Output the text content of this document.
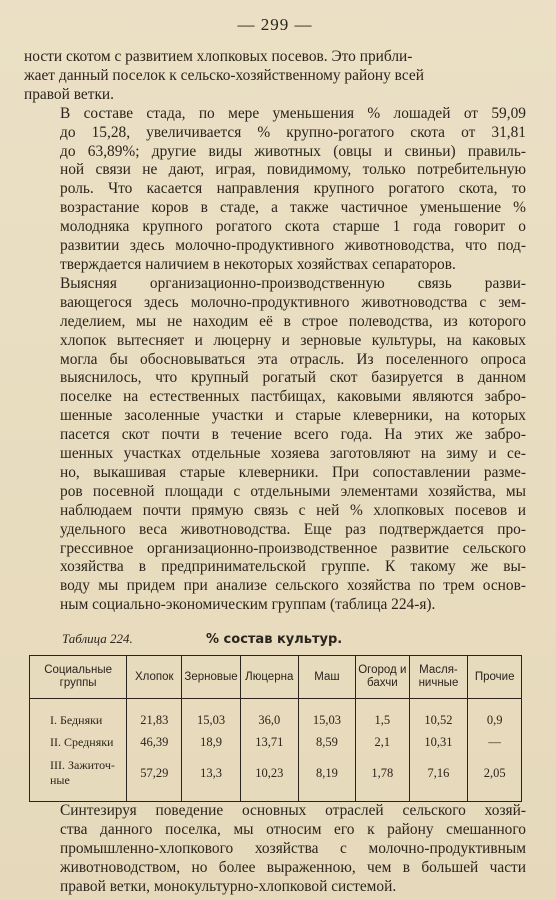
— 299 —

ности скотом с развитием хлопковых посевов. Это прибли-
жает данный поселок к сельско-хозяйственному району всей
правой ветки.

В составе стада, по мере уменьшения % лошадей от 59,09
до 15,28, увеличивается % крупно-рогатого скота от 31,81
до 63,89%; другие виды животных (овцы и свиньи) правиль-
ной связи не дают, играя, повидимому, только потребительную
роль. Что касается направления крупного рогатого скота, то
возрастание коров в стаде, а также частичное уменьшение %
молодняка крупного рогатого скота старше 1 года говорит о
развитии здесь молочно-продуктивного животноводства, что под-
тверждается наличием в некоторых хозяйствах сепараторов.

Выясняя организационно-производственную связь разви-
вающегося здесь молочно-продуктивного животноводства с зем-
леделием, мы не находим её в строе полеводства, из которого
хлопок вытесняет и люцерну и зерновые культуры, на каковых
могла бы обосновываться эта отрасль. Из поселенного опроса
выяснилось, что крупный рогатый скот базируется в данном
поселке на естественных пастбищах, каковыми являются забро-
шенные засоленные участки и старые клеверники, на которых
пасется скот почти в течение всего года. На этих же забро-
шенных участках отдельные хозяева заготовляют на зиму и се-
но, выкашивая старые клеверники. При сопоставлении разме-
ров посевной площади с отдельными элементами хозяйства, мы
наблюдаем почти прямую связь с ней % хлопковых посевов и
удельного веса животноводства. Еще раз подтверждается про-
грессивное организационно-производственное развитие сельского
хозяйства в предпринимательской группе. К такому же вы-
воду мы придем при анализе сельского хозяйства по трем основ-
ным социально-экономическим группам (таблица 224-я).

Таблица 224.	% состав культур.
Социальные группы	Хлопок	Зерновые	Люцерна	Маш	Огород и бахчи	Масля-ничные	Прочие

I. Бедняки	21,83	15,03	36,0	15,03	1,5	10,52	0,9
II. Средняки	46,39	18,9	13,71	8,59	2,1	10,31	—
III. Зажиточ-ные	57,29	13,3	10,23	8,19	1,78	7,16	2,05

Синтезируя поведение основных отраслей сельского хозяй-
ства данного поселка, мы относим его к району смешанного
промышленно-хлопкового хозяйства с молочно-продуктивным
животноводством, но более выраженною, чем в большей части
правой ветки, монокультурно-хлопковой системой.
